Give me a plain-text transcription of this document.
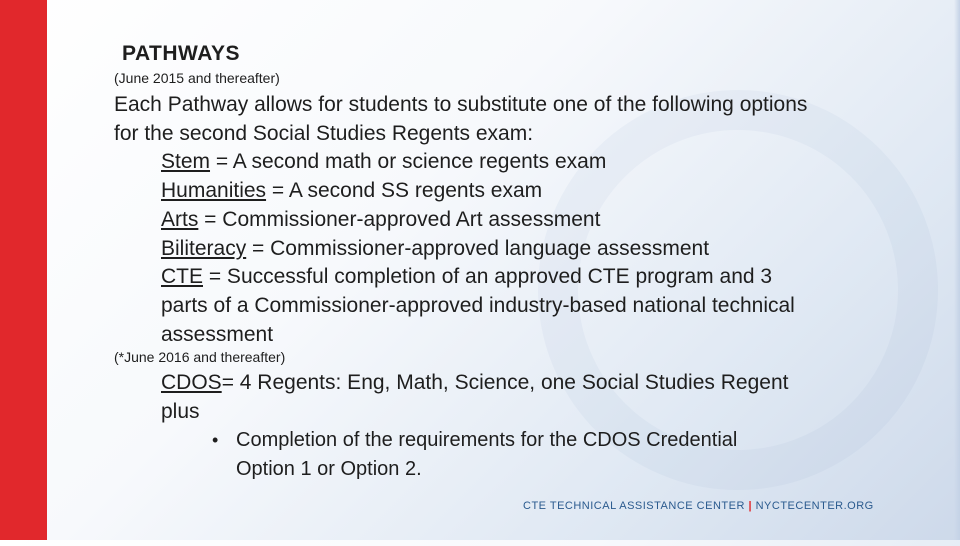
PATHWAYS
(June 2015 and thereafter)
Each Pathway allows for students to substitute one of the following options
for the second Social Studies Regents exam:
Stem = A second math or science regents exam
Humanities = A second SS regents exam
Arts = Commissioner-approved Art assessment
Biliteracy = Commissioner-approved language assessment
CTE = Successful completion of an approved CTE program and 3
parts of a Commissioner-approved industry-based national technical
assessment
(*June 2016 and thereafter)
CDOS= 4 Regents: Eng, Math, Science, one Social Studies Regent
plus
• Completion of the requirements for the CDOS Credential
Option 1 or Option 2.
CTE TECHNICAL ASSISTANCE CENTER | NYCTECENTER.ORG
